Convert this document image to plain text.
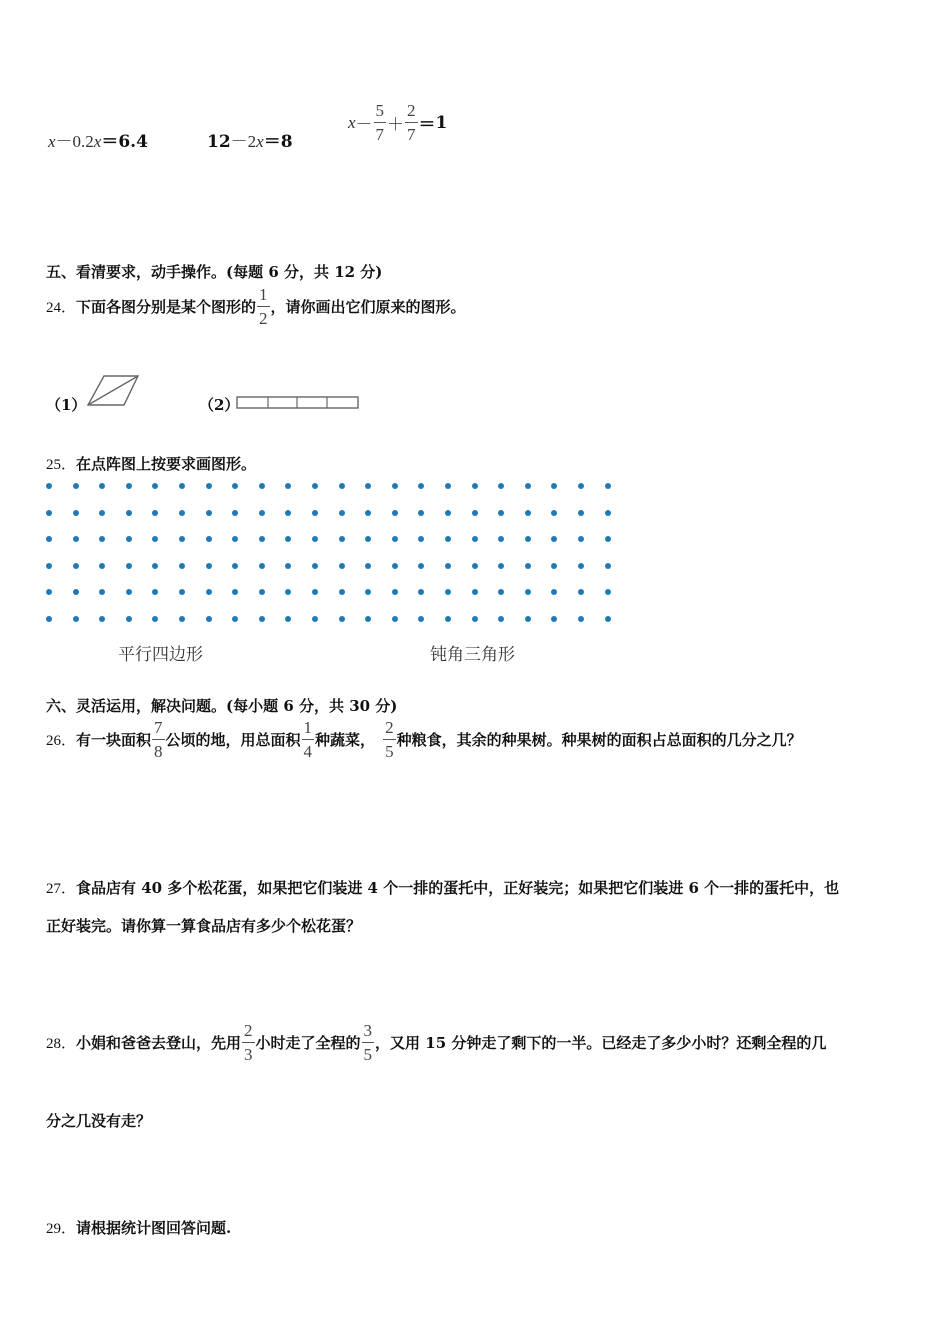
x－0.2x＝6.4	12－2x＝8
$x - \frac{5}{7} + \frac{2}{7} = 1$
五、看清要求，动手操作。(每题 6 分，共 12 分)
24． 下面各图分别是某个图形的 $\frac{1}{2}$ ，请你画出它们原来的图形。
（1）	（2）
25．在点阵图上按要求画图形。
平行四边形	钝角三角形
六、灵活运用，解决问题。(每小题 6 分，共 30 分)
26． 有一块面积 $\frac{7}{8}$ 公顷的地，用总面积 $\frac{1}{4}$ 种蔬菜， $\frac{2}{5}$ 种粮食，其余的种果树。种果树的面积占总面积的几分之几？
27．食品店有 40 多个松花蛋，如果把它们装进 4 个一排的蛋托中，正好装完；如果把它们装进 6 个一排的蛋托中，也
正好装完。请你算一算食品店有多少个松花蛋？
28． 小娟和爸爸去登山，先用 $\frac{2}{3}$ 小时走了全程的 $\frac{3}{5}$ ，又用 15 分钟走了剩下的一半。已经走了多少小时？还剩全程的几
分之几没有走？
29．请根据统计图回答问题.
